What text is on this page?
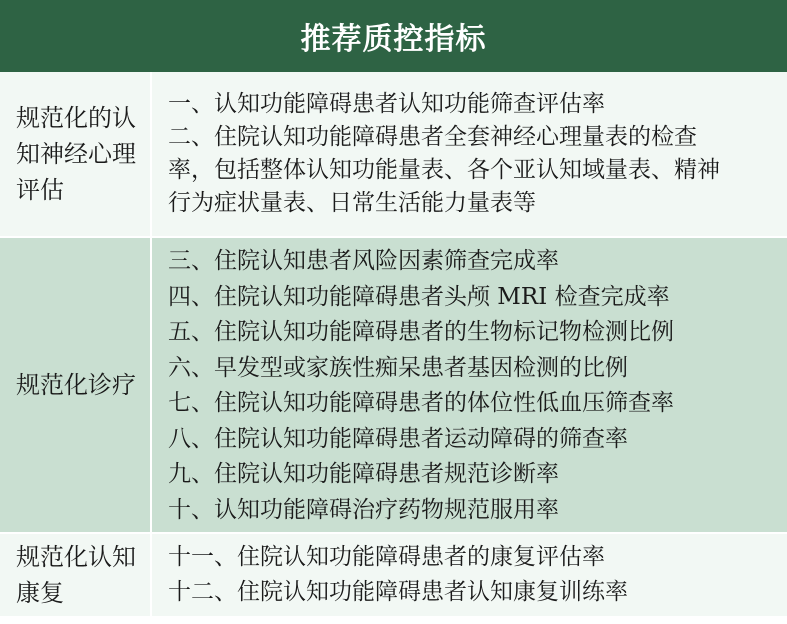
推荐质控指标
规范化的认
知神经心理
评估
一、认知功能障碍患者认知功能筛查评估率
二、住院认知功能障碍患者全套神经心理量表的检查
率，包括整体认知功能量表、各个亚认知域量表、精神
行为症状量表、日常生活能力量表等
规范化诊疗
三、住院认知患者风险因素筛查完成率
四、住院认知功能障碍患者头颅 MRI 检查完成率
五、住院认知功能障碍患者的生物标记物检测比例
六、早发型或家族性痴呆患者基因检测的比例
七、住院认知功能障碍患者的体位性低血压筛查率
八、住院认知功能障碍患者运动障碍的筛查率
九、住院认知功能障碍患者规范诊断率
十、认知功能障碍治疗药物规范服用率
规范化认知
康复
十一、住院认知功能障碍患者的康复评估率
十二、住院认知功能障碍患者认知康复训练率
